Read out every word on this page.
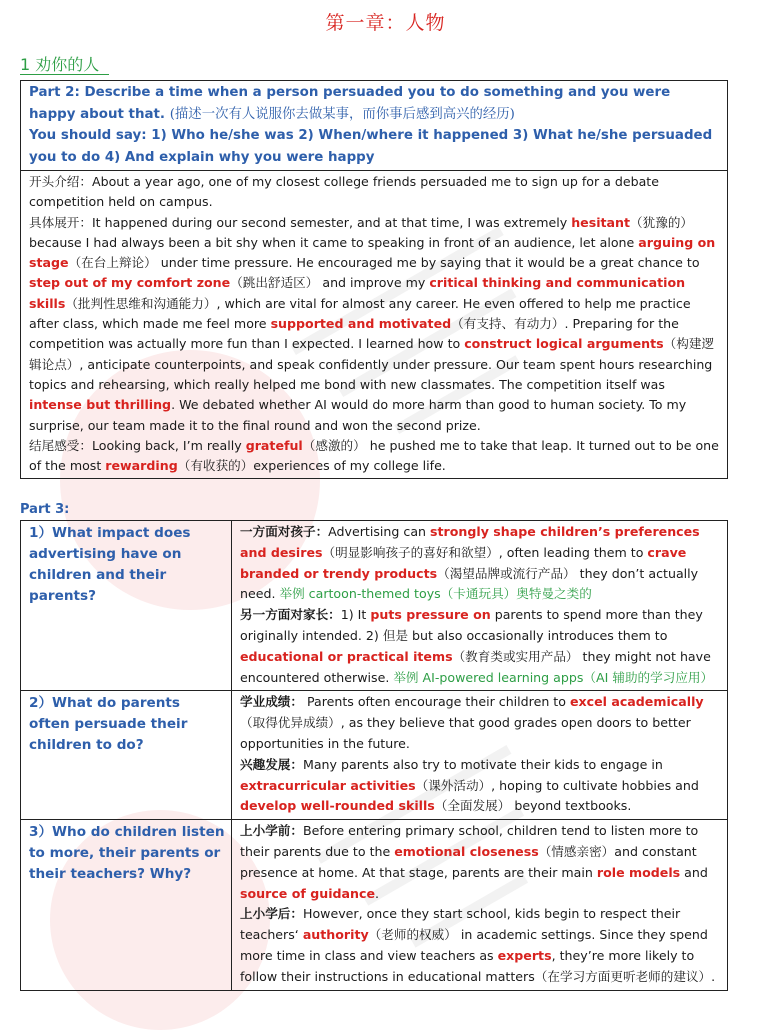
第一章：人物
1 劝你的人
Part 2: Describe a time when a person persuaded you to do something and you were happy about that. (描述一次有人说服你去做某事，而你事后感到高兴的经历)
You should say: 1) Who he/she was 2) When/where it happened 3) What he/she persuaded you to do 4) And explain why you were happy
开头介绍：About a year ago, one of my closest college friends persuaded me to sign up for a debate competition held on campus.
具体展开：It happened during our second semester, and at that time, I was extremely hesitant（犹豫的） because I had always been a bit shy when it came to speaking in front of an audience, let alone arguing on stage（在台上辩论） under time pressure. He encouraged me by saying that it would be a great chance to step out of my comfort zone（跳出舒适区） and improve my critical thinking and communication skills（批判性思维和沟通能力）, which are vital for almost any career. He even offered to help me practice after class, which made me feel more supported and motivated（有支持、有动力）. Preparing for the competition was actually more fun than I expected. I learned how to construct logical arguments（构建逻辑论点）, anticipate counterpoints, and speak confidently under pressure. Our team spent hours researching topics and rehearsing, which really helped me bond with new classmates. The competition itself was intense but thrilling. We debated whether AI would do more harm than good to human society. To my surprise, our team made it to the final round and won the second prize.
结尾感受：Looking back, I’m really grateful（感激的） he pushed me to take that leap. It turned out to be one of the most rewarding（有收获的）experiences of my college life.
Part 3:
1）What impact does advertising have on children and their parents?	一方面对孩子：Advertising can strongly shape children’s preferences and desires（明显影响孩子的喜好和欲望）, often leading them to crave branded or trendy products（渴望品牌或流行产品） they don’t actually need. 举例 cartoon-themed toys（卡通玩具）奥特曼之类的
另一方面对家长：1) It puts pressure on parents to spend more than they originally intended. 2) 但是 but also occasionally introduces them to educational or practical items（教育类或实用产品） they might not have encountered otherwise. 举例 AI-powered learning apps（AI 辅助的学习应用）
2）What do parents often persuade their children to do?	学业成绩： Parents often encourage their children to excel academically（取得优异成绩）, as they believe that good grades open doors to better opportunities in the future.
兴趣发展：Many parents also try to motivate their kids to engage in extracurricular activities（课外活动）, hoping to cultivate hobbies and develop well-rounded skills（全面发展） beyond textbooks.
3）Who do children listen to more, their parents or their teachers? Why?	上小学前：Before entering primary school, children tend to listen more to their parents due to the emotional closeness（情感亲密）and constant presence at home. At that stage, parents are their main role models and source of guidance.
上小学后：However, once they start school, kids begin to respect their teachers‘ authority（老师的权威） in academic settings. Since they spend more time in class and view teachers as experts, they’re more likely to follow their instructions in educational matters（在学习方面更听老师的建议）.
